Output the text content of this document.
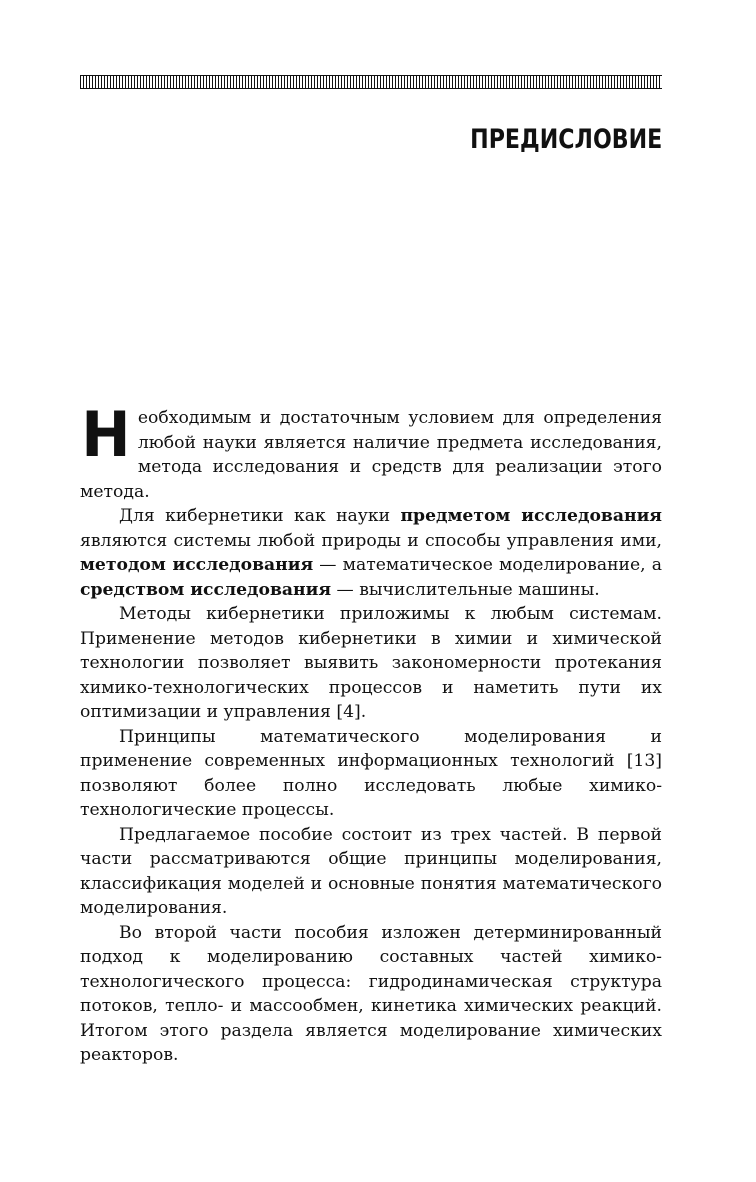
ПРЕДИСЛОВИЕ

Необходимым и достаточным условием для определения любой науки является наличие предмета исследования, метода исследования и средств для реализации этого метода.

Для кибернетики как науки предметом исследования являются системы любой природы и способы управления ими, методом исследования — математическое моделирование, а средством исследования — вычислительные машины.

Методы кибернетики приложимы к любым системам. Применение методов кибернетики в химии и химической технологии позволяет выявить закономерности протекания химико-технологических процессов и наметить пути их оптимизации и управления [4].

Принципы математического моделирования и применение современных информационных технологий [13] позволяют более полно исследовать любые химико-технологические процессы.

Предлагаемое пособие состоит из трех частей. В первой части рассматриваются общие принципы моделирования, классификация моделей и основные понятия математического моделирования.

Во второй части пособия изложен детерминированный подход к моделированию составных частей химико-технологического процесса: гидродинамическая структура потоков, тепло- и массообмен, кинетика химических реакций. Итогом этого раздела является моделирование химических реакторов.
